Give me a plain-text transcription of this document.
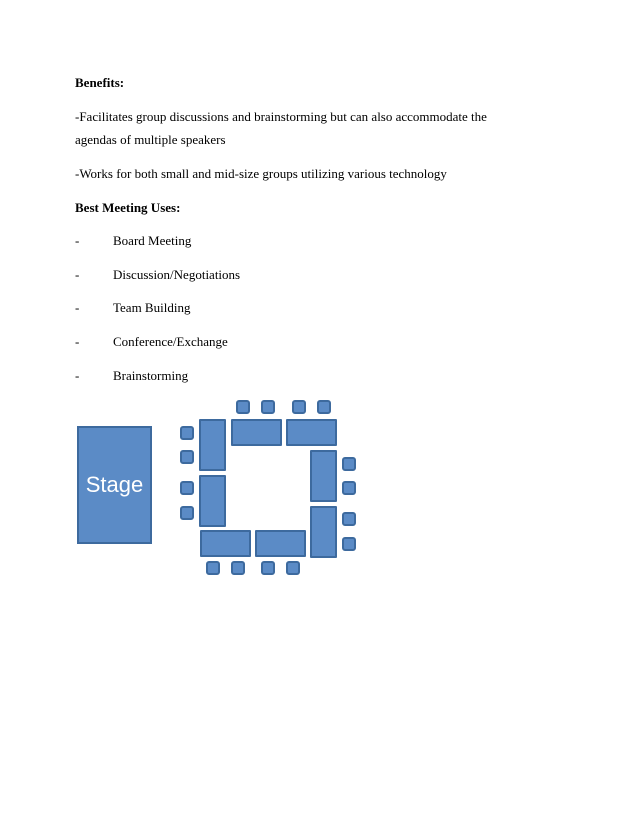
Benefits:
-Facilitates group discussions and brainstorming but can also accommodate the
agendas of multiple speakers
-Works for both small and mid-size groups utilizing various technology
Best Meeting Uses:
-	Board Meeting
-	Discussion/Negotiations
-	Team Building
-	Conference/Exchange
-	Brainstorming
Stage
